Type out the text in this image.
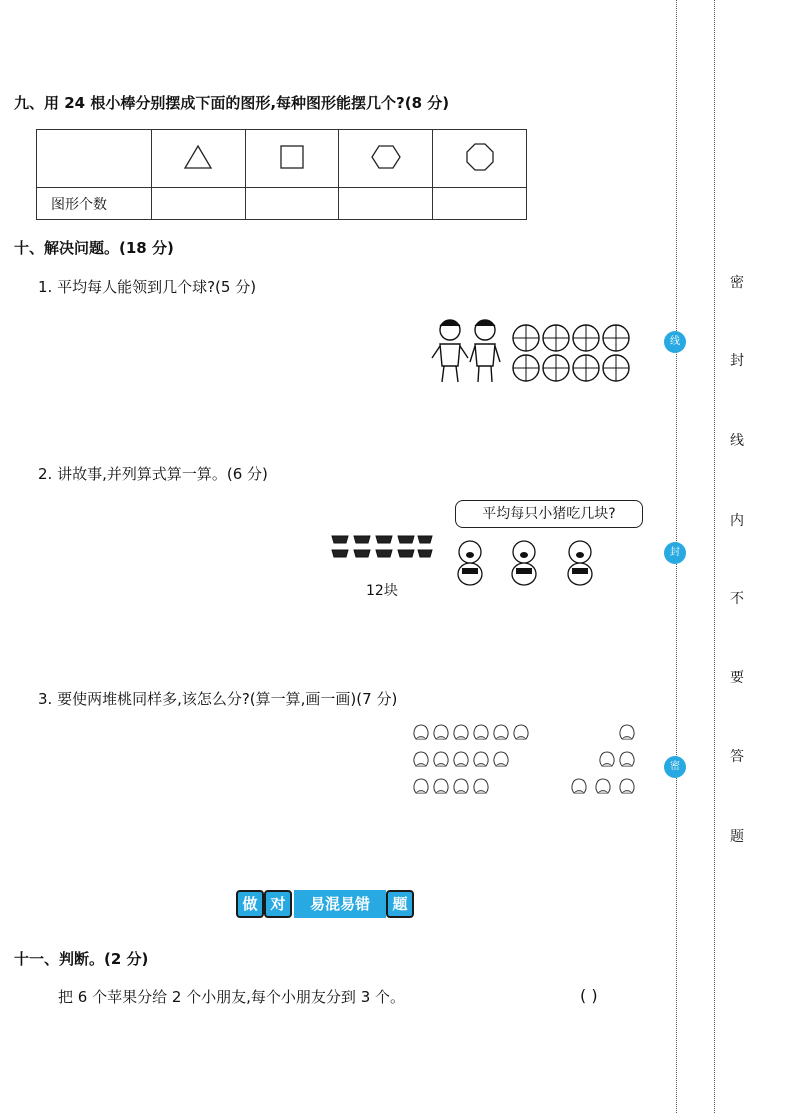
九、用 24 根小棒分别摆成下面的图形,每种图形能摆几个?(8 分)

图形个数				
十、解决问题。(18 分)
1. 平均每人能领到几个球?(5 分)
2. 讲故事,并列算式算一算。(6 分)
平均每只小猪吃几块?
12块
3. 要使两堆桃同样多,该怎么分?(算一算,画一画)(7 分)
做 对	易混易错	题
十一、判断。(2 分)
把 6 个苹果分给 2 个小朋友,每个小朋友分到 3 个。	( )
线
封
密
密
封
线
内
不
要
答
题
